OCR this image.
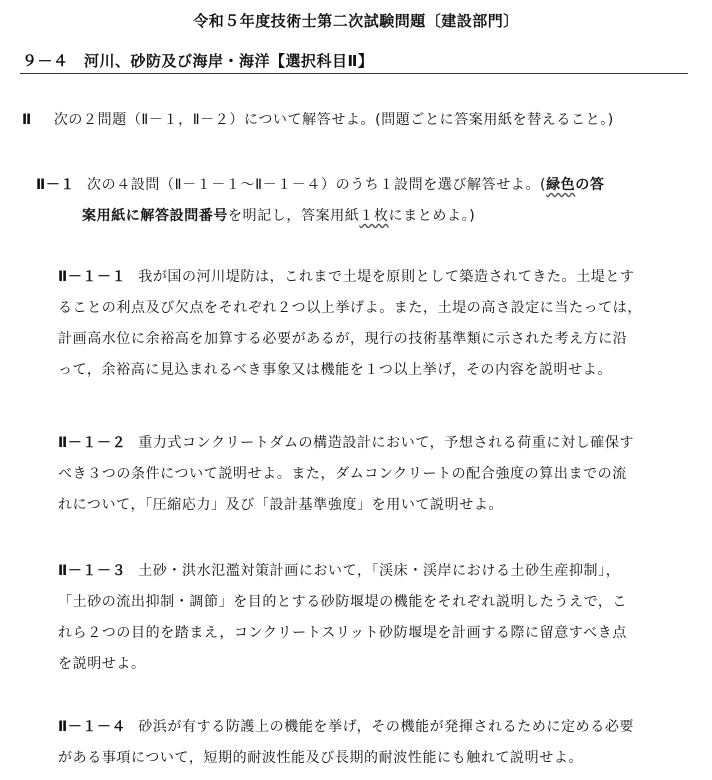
令和５年度技術士第二次試験問題〔建設部門〕
９－４　河川、砂防及び海岸・海洋【選択科目Ⅱ】
Ⅱ 次の２問題（Ⅱ－１，Ⅱ－２）について解答せよ。(問題ごとに答案用紙を替えること。)
Ⅱ－１ 次の４設問（Ⅱ－１－１～Ⅱ－１－４）のうち１設問を選び解答せよ。(緑色の答
案用紙に解答設問番号を明記し，答案用紙１枚にまとめよ。)
Ⅱ－１－１ 我が国の河川堤防は，これまで土堤を原則として築造されてきた。土堤とす
ることの利点及び欠点をそれぞれ２つ以上挙げよ。また，土堤の高さ設定に当たっては，
計画高水位に余裕高を加算する必要があるが，現行の技術基準類に示された考え方に沿
って，余裕高に見込まれるべき事象又は機能を１つ以上挙げ，その内容を説明せよ。
Ⅱ－１－２ 重力式コンクリートダムの構造設計において，予想される荷重に対し確保す
べき３つの条件について説明せよ。また，ダムコンクリートの配合強度の算出までの流
れについて，「圧縮応力」及び「設計基準強度」を用いて説明せよ。
Ⅱ－１－３ 土砂・洪水氾濫対策計画において，「渓床・渓岸における土砂生産抑制」，
「土砂の流出抑制・調節」を目的とする砂防堰堤の機能をそれぞれ説明したうえで，こ
れら２つの目的を踏まえ，コンクリートスリット砂防堰堤を計画する際に留意すべき点
を説明せよ。
Ⅱ－１－４ 砂浜が有する防護上の機能を挙げ，その機能が発揮されるために定める必要
がある事項について，短期的耐波性能及び長期的耐波性能にも触れて説明せよ。
